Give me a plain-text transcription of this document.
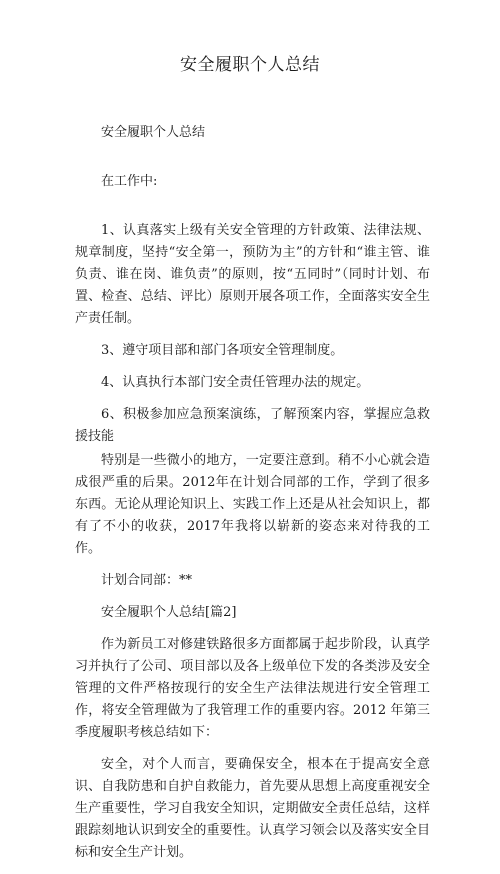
安全履职个人总结

安全履职个人总结

在工作中:

1、认真落实上级有关安全管理的方针政策、法律法规、规章制度，坚持“安全第一，预防为主”的方针和“谁主管、谁负责、谁在岗、谁负责”的原则，按“五同时”（同时计划、布置、检查、总结、评比）原则开展各项工作，全面落实安全生产责任制。

3、遵守项目部和部门各项安全管理制度。

4、认真执行本部门安全责任管理办法的规定。

6、积极参加应急预案演练，了解预案内容，掌握应急救援技能

特别是一些微小的地方，一定要注意到。稍不小心就会造成很严重的后果。2012年在计划合同部的工作，学到了很多东西。无论从理论知识上、实践工作上还是从社会知识上，都有了不小的收获，2017年我将以崭新的姿态来对待我的工作。

计划合同部：**

安全履职个人总结[篇2]

作为新员工对修建铁路很多方面都属于起步阶段，认真学习并执行了公司、项目部以及各上级单位下发的各类涉及安全管理的文件严格按现行的安全生产法律法规进行安全管理工作，将安全管理做为了我管理工作的重要内容。2012 年第三季度履职考核总结如下：

安全，对个人而言，要确保安全，根本在于提高安全意识、自我防患和自护自救能力，首先要从思想上高度重视安全生产重要性，学习自我安全知识，定期做安全责任总结，这样跟踪刻地认识到安全的重要性。认真学习领会以及落实安全目标和安全生产计划。
